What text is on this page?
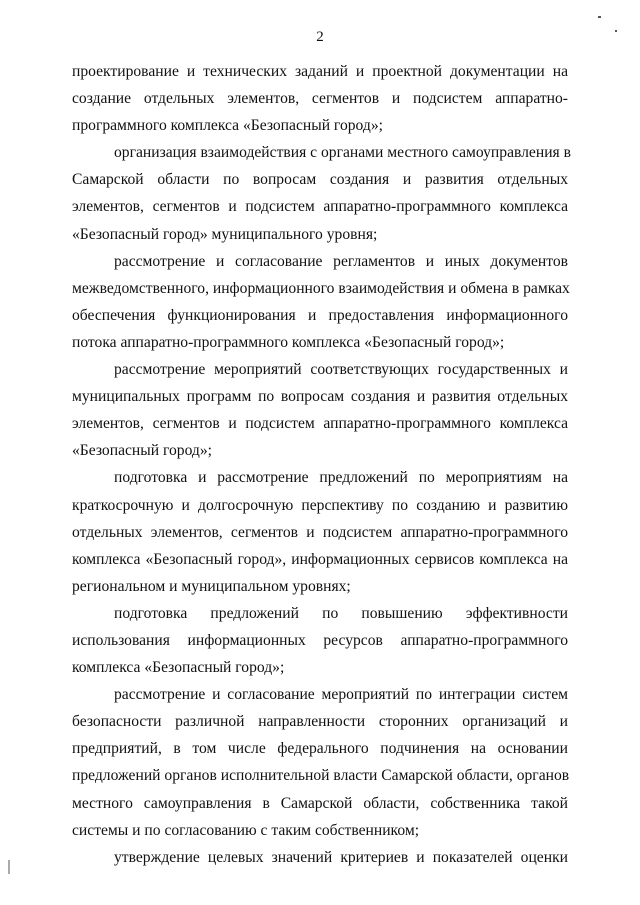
2
проектирование и технических заданий и проектной документации на
создание отдельных элементов, сегментов и подсистем аппаратно-
программного комплекса «Безопасный город»;
организация взаимодействия с органами местного самоуправления в
Самарской области по вопросам создания и развития отдельных
элементов, сегментов и подсистем аппаратно-программного комплекса
«Безопасный город» муниципального уровня;
рассмотрение и согласование регламентов и иных документов
межведомственного, информационного взаимодействия и обмена в рамках
обеспечения функционирования и предоставления информационного
потока аппаратно-программного комплекса «Безопасный город»;
рассмотрение мероприятий соответствующих государственных и
муниципальных программ по вопросам создания и развития отдельных
элементов, сегментов и подсистем аппаратно-программного комплекса
«Безопасный город»;
подготовка и рассмотрение предложений по мероприятиям на
краткосрочную и долгосрочную перспективу по созданию и развитию
отдельных элементов, сегментов и подсистем аппаратно-программного
комплекса «Безопасный город», информационных сервисов комплекса на
региональном и муниципальном уровнях;
подготовка предложений по повышению эффективности
использования информационных ресурсов аппаратно-программного
комплекса «Безопасный город»;
рассмотрение и согласование мероприятий по интеграции систем
безопасности различной направленности сторонних организаций и
предприятий, в том числе федерального подчинения на основании
предложений органов исполнительной власти Самарской области, органов
местного самоуправления в Самарской области, собственника такой
системы и по согласованию с таким собственником;
утверждение целевых значений критериев и показателей оценки
